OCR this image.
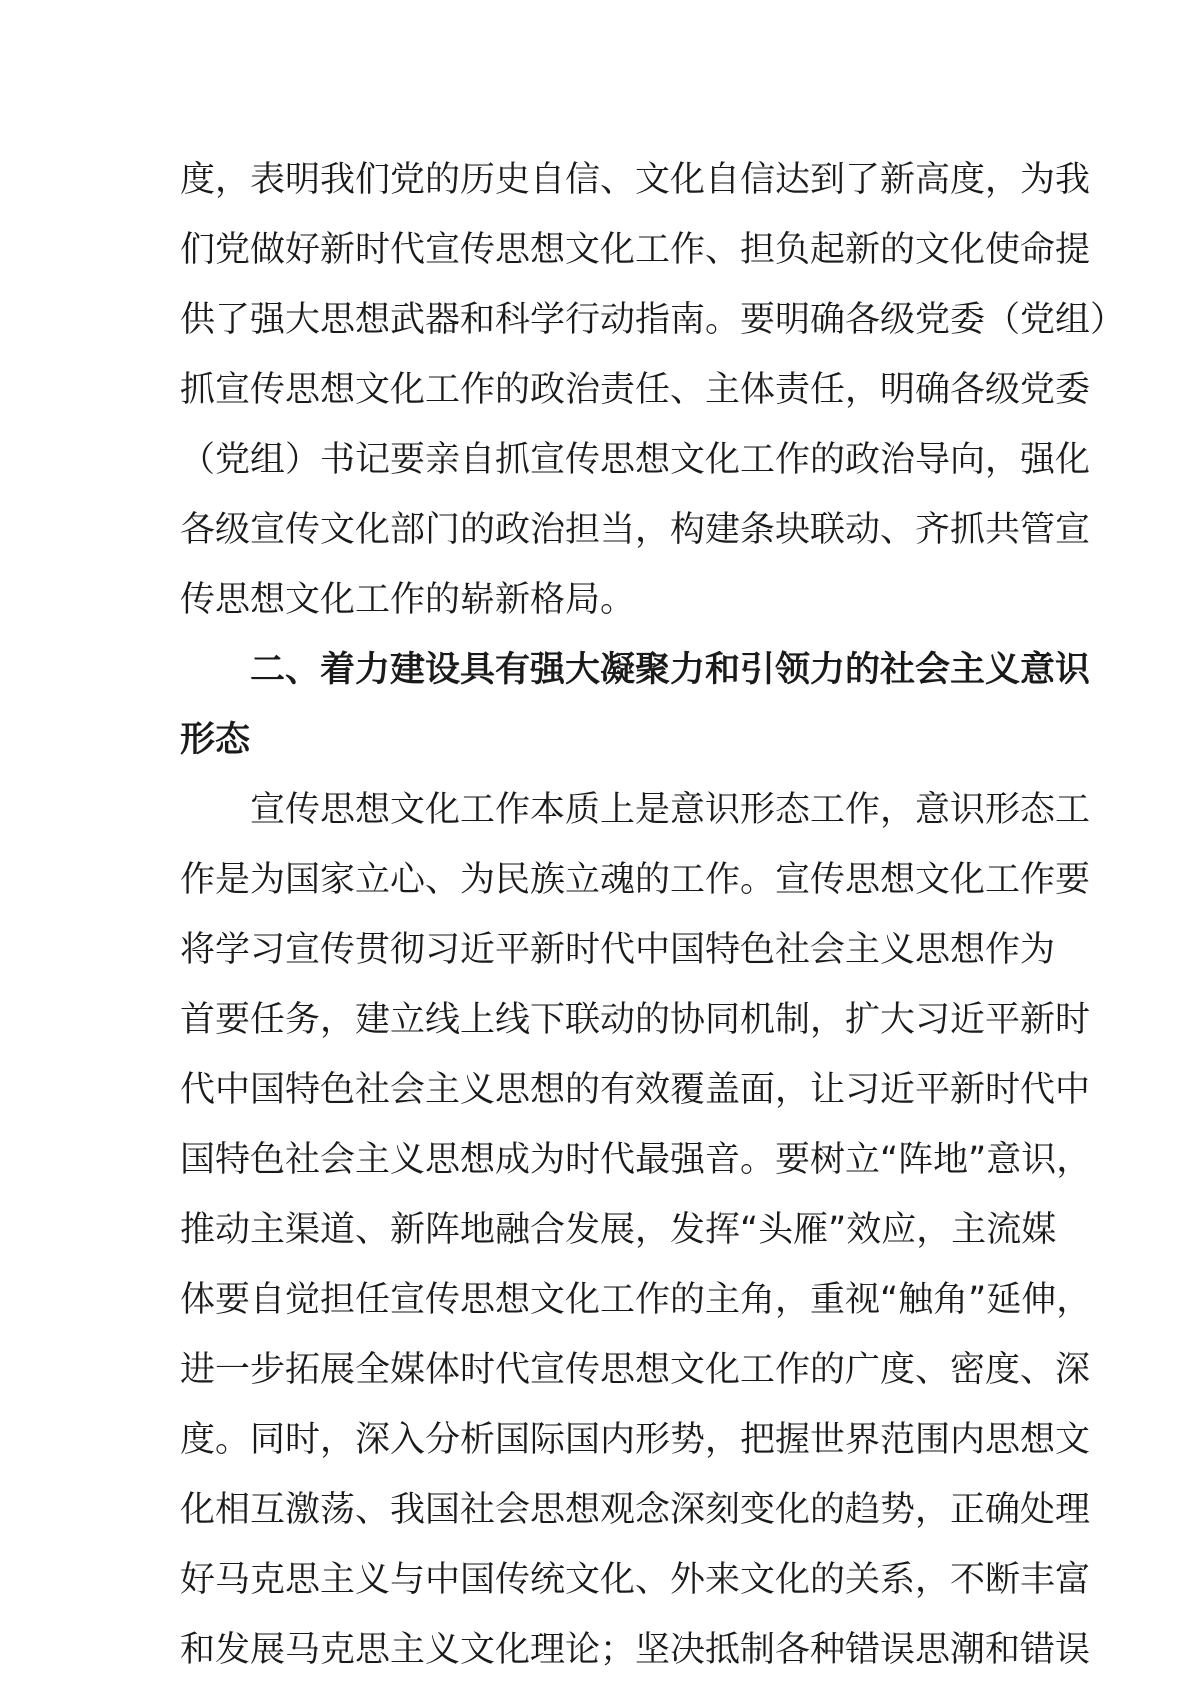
度，表明我们党的历史自信、文化自信达到了新高度，为我
们党做好新时代宣传思想文化工作、担负起新的文化使命提
供了强大思想武器和科学行动指南。要明确各级党委（党组）
抓宣传思想文化工作的政治责任、主体责任，明确各级党委
（党组）书记要亲自抓宣传思想文化工作的政治导向，强化
各级宣传文化部门的政治担当，构建条块联动、齐抓共管宣
传思想文化工作的崭新格局。
二、着力建设具有强大凝聚力和引领力的社会主义意识
形态
宣传思想文化工作本质上是意识形态工作，意识形态工
作是为国家立心、为民族立魂的工作。宣传思想文化工作要
将学习宣传贯彻习近平新时代中国特色社会主义思想作为
首要任务，建立线上线下联动的协同机制，扩大习近平新时
代中国特色社会主义思想的有效覆盖面，让习近平新时代中
国特色社会主义思想成为时代最强音。要树立“阵地”意识，
推动主渠道、新阵地融合发展，发挥“头雁”效应，主流媒
体要自觉担任宣传思想文化工作的主角，重视“触角”延伸，
进一步拓展全媒体时代宣传思想文化工作的广度、密度、深
度。同时，深入分析国际国内形势，把握世界范围内思想文
化相互激荡、我国社会思想观念深刻变化的趋势，正确处理
好马克思主义与中国传统文化、外来文化的关系，不断丰富
和发展马克思主义文化理论；坚决抵制各种错误思潮和错误
